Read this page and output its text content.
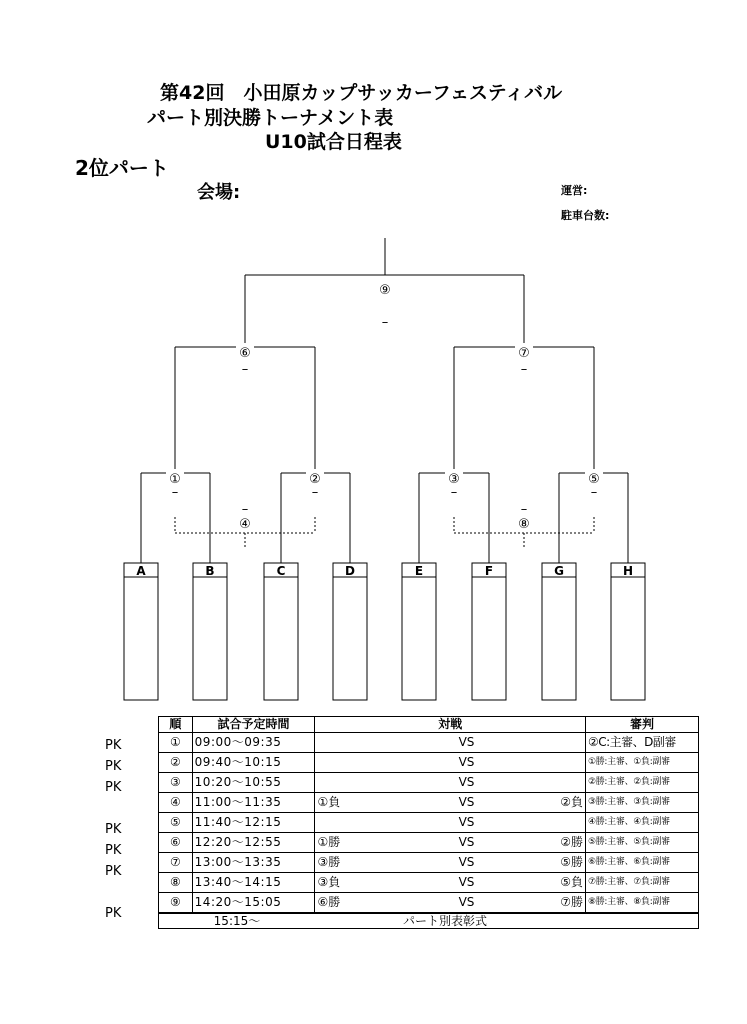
第42回　小田原カップサッカーフェスティバル
パート別決勝トーナメント表
U10試合日程表
2位パート
会場:	運営:
駐車台数:
⑨
–
⑥
–
⑦
–
①
–
②
–
③
–
⑤
–
–
④
–
⑧
A	B	C	D	E	F	G	H
PK
PK
PK
PK
PK
PK
PK
順	試合予定時間	対戦			審判
①	09:00～09:35		VS		②C:主審、D副審
②	09:40～10:15		VS		①勝:主審、①負:副審
③	10:20～10:55		VS		②勝:主審、②負:副審
④	11:00～11:35	①負	VS	②負	③勝:主審、③負:副審
⑤	11:40～12:15		VS		④勝:主審、④負:副審
⑥	12:20～12:55	①勝	VS	②勝	⑤勝:主審、⑤負:副審
⑦	13:00～13:35	③勝	VS	⑤勝	⑥勝:主審、⑥負:副審
⑧	13:40～14:15	③負	VS	⑤負	⑦勝:主審、⑦負:副審
⑨	14:20～15:05	⑥勝	VS	⑦勝	⑧勝:主審、⑧負:副審
15:15～		パート別表彰式			
